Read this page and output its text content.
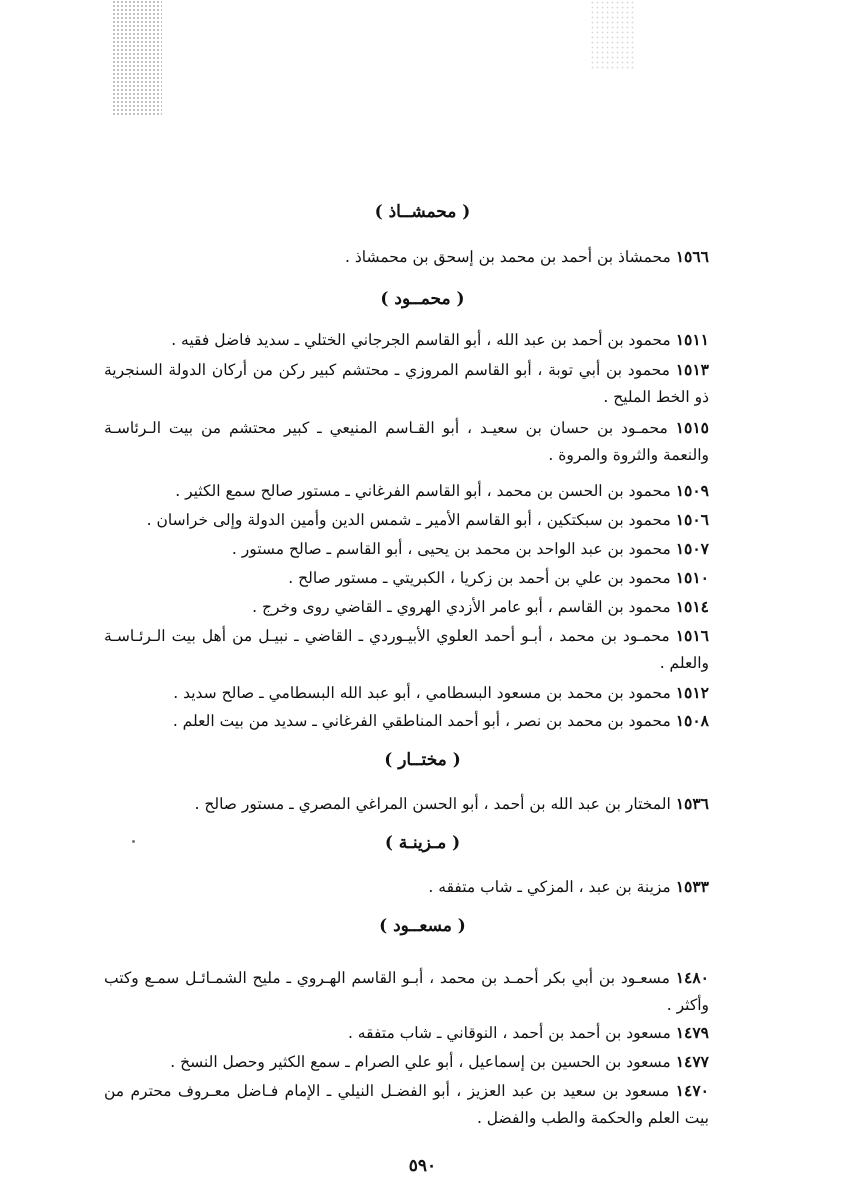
( محمشــاذ )
١٥٦٦ محمشاذ بن أحمد بن محمد بن إسحق بن محمشاذ .
( محمــود )
١٥١١ محمود بن أحمد بن عبد الله ، أبو القاسم الجرجاني الختلي ـ سديد فاضل فقيه .
١٥١٣ محمود بن أبي توبة ، أبو القاسم المروزي ـ محتشم كبير ركن من أركان الدولة السنجرية ذو الخط المليح .
١٥١٥ محمـود بن حسان بن سعيـد ، أبو القـاسم المنيعي ـ كبير محتشم من بيت الـرئاسـة والنعمة والثروة والمروة .
١٥٠٩ محمود بن الحسن بن محمد ، أبو القاسم الفرغاني ـ مستور صالح سمع الكثير .
١٥٠٦ محمود بن سبكتكين ، أبو القاسم الأمير ـ شمس الدين وأمين الدولة وإلى خراسان .
١٥٠٧ محمود بن عبد الواحد بن محمد بن يحيى ، أبو القاسم ـ صالح مستور .
١٥١٠ محمود بن علي بن أحمد بن زكريا ، الكبريتي ـ مستور صالح .
١٥١٤ محمود بن القاسم ، أبو عامر الأزدي الهروي ـ القاضي روى وخرج .
١٥١٦ محمـود بن محمد ، أبـو أحمد العلوي الأبيـوردي ـ القاضي ـ نبيـل من أهل بيت الـرئـاسـة والعلم .
١٥١٢ محمود بن محمد بن مسعود البسطامي ، أبو عبد الله البسطامي ـ صالح سديد .
١٥٠٨ محمود بن محمد بن نصر ، أبو أحمد المناطقي الفرغاني ـ سديد من بيت العلم .
( مختــار )
١٥٣٦ المختار بن عبد الله بن أحمد ، أبو الحسن المراغي المصري ـ مستور صالح .
( مـزينـة )
١٥٣٣ مزينة بن عبد ، المزكي ـ شاب متفقه .
( مسعــود )
١٤٨٠ مسعـود بن أبي بكر أحمـد بن محمد ، أبـو القاسم الهـروي ـ مليح الشمـائـل سمـع وكتب وأكثر .
١٤٧٩ مسعود بن أحمد بن أحمد ، النوقاني ـ شاب متفقه .
١٤٧٧ مسعود بن الحسين بن إسماعيل ، أبو علي الصرام ـ سمع الكثير وحصل النسخ .
١٤٧٠ مسعود بن سعيد بن عبد العزيز ، أبو الفضـل النيلي ـ الإمام فـاضل معـروف محترم من بيت العلم والحكمة والطب والفضل .
٥٩٠
